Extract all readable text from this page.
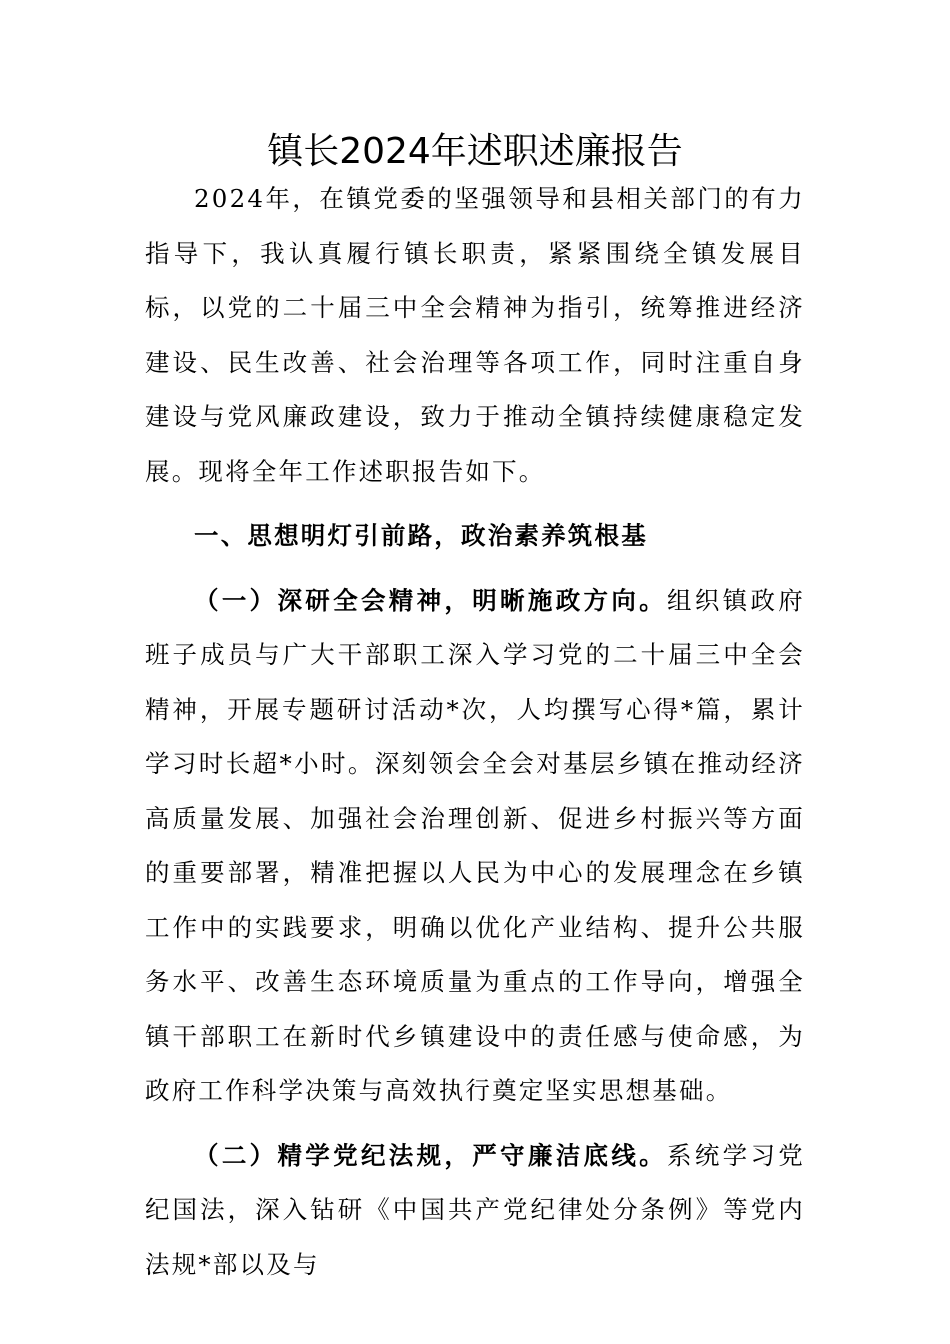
镇长2024年述职述廉报告

2024年，在镇党委的坚强领导和县相关部门的有力指导下，我认真履行镇长职责，紧紧围绕全镇发展目标，以党的二十届三中全会精神为指引，统筹推进经济建设、民生改善、社会治理等各项工作，同时注重自身建设与党风廉政建设，致力于推动全镇持续健康稳定发展。现将全年工作述职报告如下。

一、思想明灯引前路，政治素养筑根基

（一）深研全会精神，明晰施政方向。组织镇政府班子成员与广大干部职工深入学习党的二十届三中全会精神，开展专题研讨活动*次，人均撰写心得*篇，累计学习时长超*小时。深刻领会全会对基层乡镇在推动经济高质量发展、加强社会治理创新、促进乡村振兴等方面的重要部署，精准把握以人民为中心的发展理念在乡镇工作中的实践要求，明确以优化产业结构、提升公共服务水平、改善生态环境质量为重点的工作导向，增强全镇干部职工在新时代乡镇建设中的责任感与使命感，为政府工作科学决策与高效执行奠定坚实思想基础。

（二）精学党纪法规，严守廉洁底线。系统学习党纪国法，深入钻研《中国共产党纪律处分条例》等党内法规*部以及与
